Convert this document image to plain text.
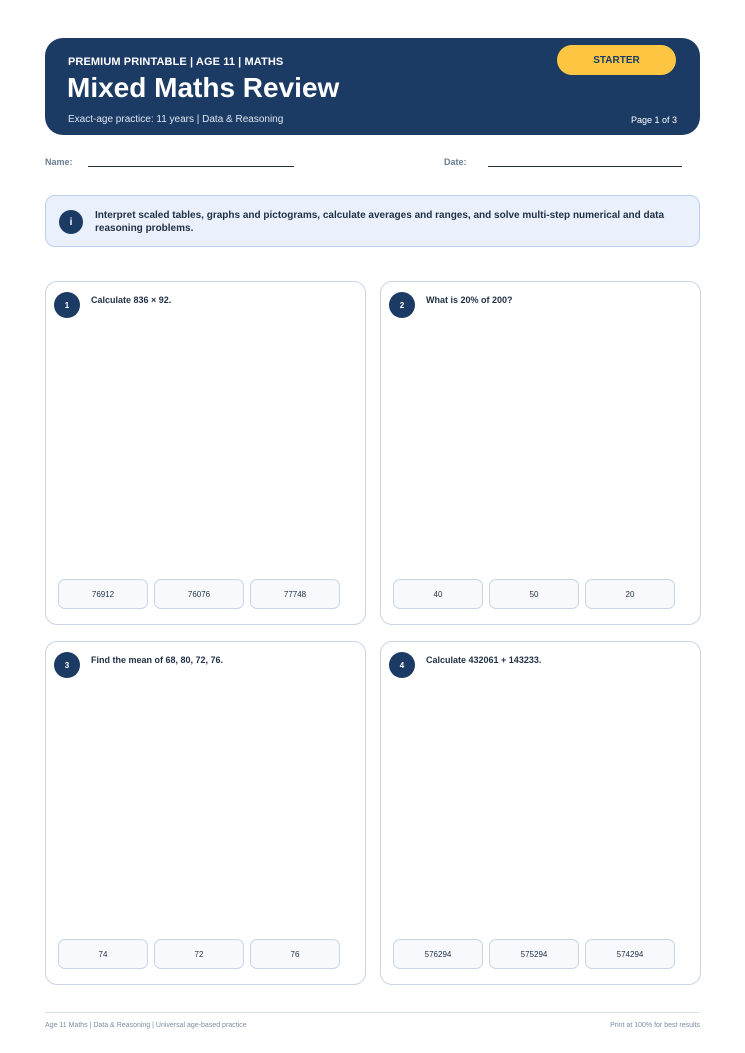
PREMIUM PRINTABLE | AGE 11 | MATHS
Mixed Maths Review
Exact-age practice: 11 years | Data & Reasoning	Page 1 of 3
STARTER
Name:	Date:
i
Interpret scaled tables, graphs and pictograms, calculate averages and ranges, and solve multi-step numerical and data reasoning problems.
1	Calculate 836 × 92.
76912	76076	77748
2	What is 20% of 200?
40	50	20
3	Find the mean of 68, 80, 72, 76.
74	72	76
4	Calculate 432061 + 143233.
576294	575294	574294
Age 11 Maths | Data & Reasoning | Universal age-based practice	Print at 100% for best results
